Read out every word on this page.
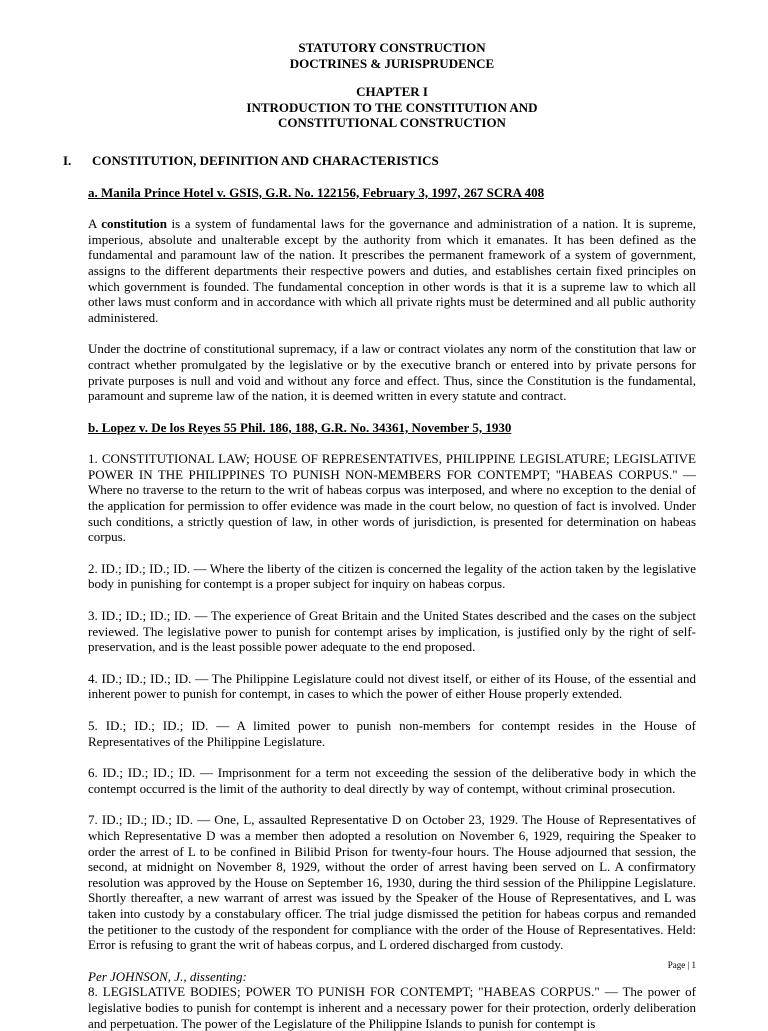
STATUTORY CONSTRUCTION
DOCTRINES & JURISPRUDENCE
CHAPTER I
INTRODUCTION TO THE CONSTITUTION AND
CONSTITUTIONAL CONSTRUCTION
I.	CONSTITUTION, DEFINITION AND CHARACTERISTICS
a. Manila Prince Hotel v. GSIS, G.R. No. 122156, February 3, 1997, 267 SCRA 408

A constitution is a system of fundamental laws for the governance and administration of a nation. It is supreme, imperious, absolute and unalterable except by the authority from which it emanates. It has been defined as the fundamental and paramount law of the nation. It prescribes the permanent framework of a system of government, assigns to the different departments their respective powers and duties, and establishes certain fixed principles on which government is founded. The fundamental conception in other words is that it is a supreme law to which all other laws must conform and in accordance with which all private rights must be determined and all public authority administered.

Under the doctrine of constitutional supremacy, if a law or contract violates any norm of the constitution that law or contract whether promulgated by the legislative or by the executive branch or entered into by private persons for private purposes is null and void and without any force and effect. Thus, since the Constitution is the fundamental, paramount and supreme law of the nation, it is deemed written in every statute and contract.

b. Lopez v. De los Reyes 55 Phil. 186, 188, G.R. No. 34361, November 5, 1930

1. CONSTITUTIONAL LAW; HOUSE OF REPRESENTATIVES, PHILIPPINE LEGISLATURE; LEGISLATIVE POWER IN THE PHILIPPINES TO PUNISH NON-MEMBERS FOR CONTEMPT; "HABEAS CORPUS." — Where no traverse to the return to the writ of habeas corpus was interposed, and where no exception to the denial of the application for permission to offer evidence was made in the court below, no question of fact is involved. Under such conditions, a strictly question of law, in other words of jurisdiction, is presented for determination on habeas corpus.

2. ID.; ID.; ID.; ID. — Where the liberty of the citizen is concerned the legality of the action taken by the legislative body in punishing for contempt is a proper subject for inquiry on habeas corpus.

3. ID.; ID.; ID.; ID. — The experience of Great Britain and the United States described and the cases on the subject reviewed. The legislative power to punish for contempt arises by implication, is justified only by the right of self-preservation, and is the least possible power adequate to the end proposed.

4. ID.; ID.; ID.; ID. — The Philippine Legislature could not divest itself, or either of its House, of the essential and inherent power to punish for contempt, in cases to which the power of either House properly extended.

5. ID.; ID.; ID.; ID. — A limited power to punish non-members for contempt resides in the House of Representatives of the Philippine Legislature.

6. ID.; ID.; ID.; ID. — Imprisonment for a term not exceeding the session of the deliberative body in which the contempt occurred is the limit of the authority to deal directly by way of contempt, without criminal prosecution.

7. ID.; ID.; ID.; ID. — One, L, assaulted Representative D on October 23, 1929. The House of Representatives of which Representative D was a member then adopted a resolution on November 6, 1929, requiring the Speaker to order the arrest of L to be confined in Bilibid Prison for twenty-four hours. The House adjourned that session, the second, at midnight on November 8, 1929, without the order of arrest having been served on L. A confirmatory resolution was approved by the House on September 16, 1930, during the third session of the Philippine Legislature. Shortly thereafter, a new warrant of arrest was issued by the Speaker of the House of Representatives, and L was taken into custody by a constabulary officer. The trial judge dismissed the petition for habeas corpus and remanded the petitioner to the custody of the respondent for compliance with the order of the House of Representatives. Held: Error is refusing to grant the writ of habeas corpus, and L ordered discharged from custody.

Per JOHNSON, J., dissenting:

8. LEGISLATIVE BODIES; POWER TO PUNISH FOR CONTEMPT; "HABEAS CORPUS." — The power of legislative bodies to punish for contempt is inherent and a necessary power for their protection, orderly deliberation and perpetuation. The power of the Legislature of the Philippine Islands to punish for contempt is

Page | 1
